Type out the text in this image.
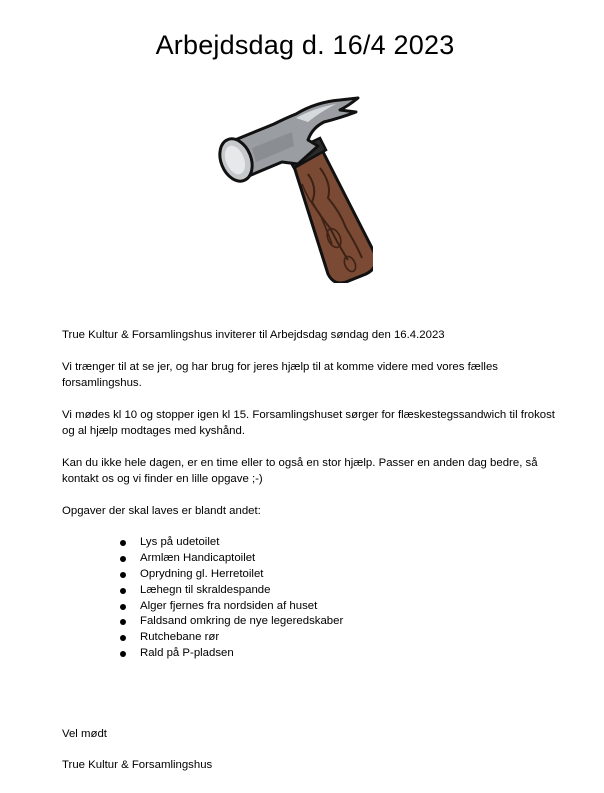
Arbejdsdag d. 16/4 2023

True Kultur & Forsamlingshus inviterer til Arbejdsdag søndag den 16.4.2023

Vi trænger til at se jer, og har brug for jeres hjælp til at komme videre med vores fælles forsamlingshus.

Vi mødes kl 10 og stopper igen kl 15. Forsamlingshuset sørger for flæskestegssandwich til frokost og al hjælp modtages med kyshånd.

Kan du ikke hele dagen, er en time eller to også en stor hjælp. Passer en anden dag bedre, så kontakt os og vi finder en lille opgave ;-)

Opgaver der skal laves er blandt andet:

Lys på udetoilet
Armlæn Handicaptoilet
Oprydning gl. Herretoilet
Læhegn til skraldespande
Alger fjernes fra nordsiden af huset
Faldsand omkring de nye legeredskaber
Rutchebane rør
Rald på P-pladsen

Vel mødt

True Kultur & Forsamlingshus
